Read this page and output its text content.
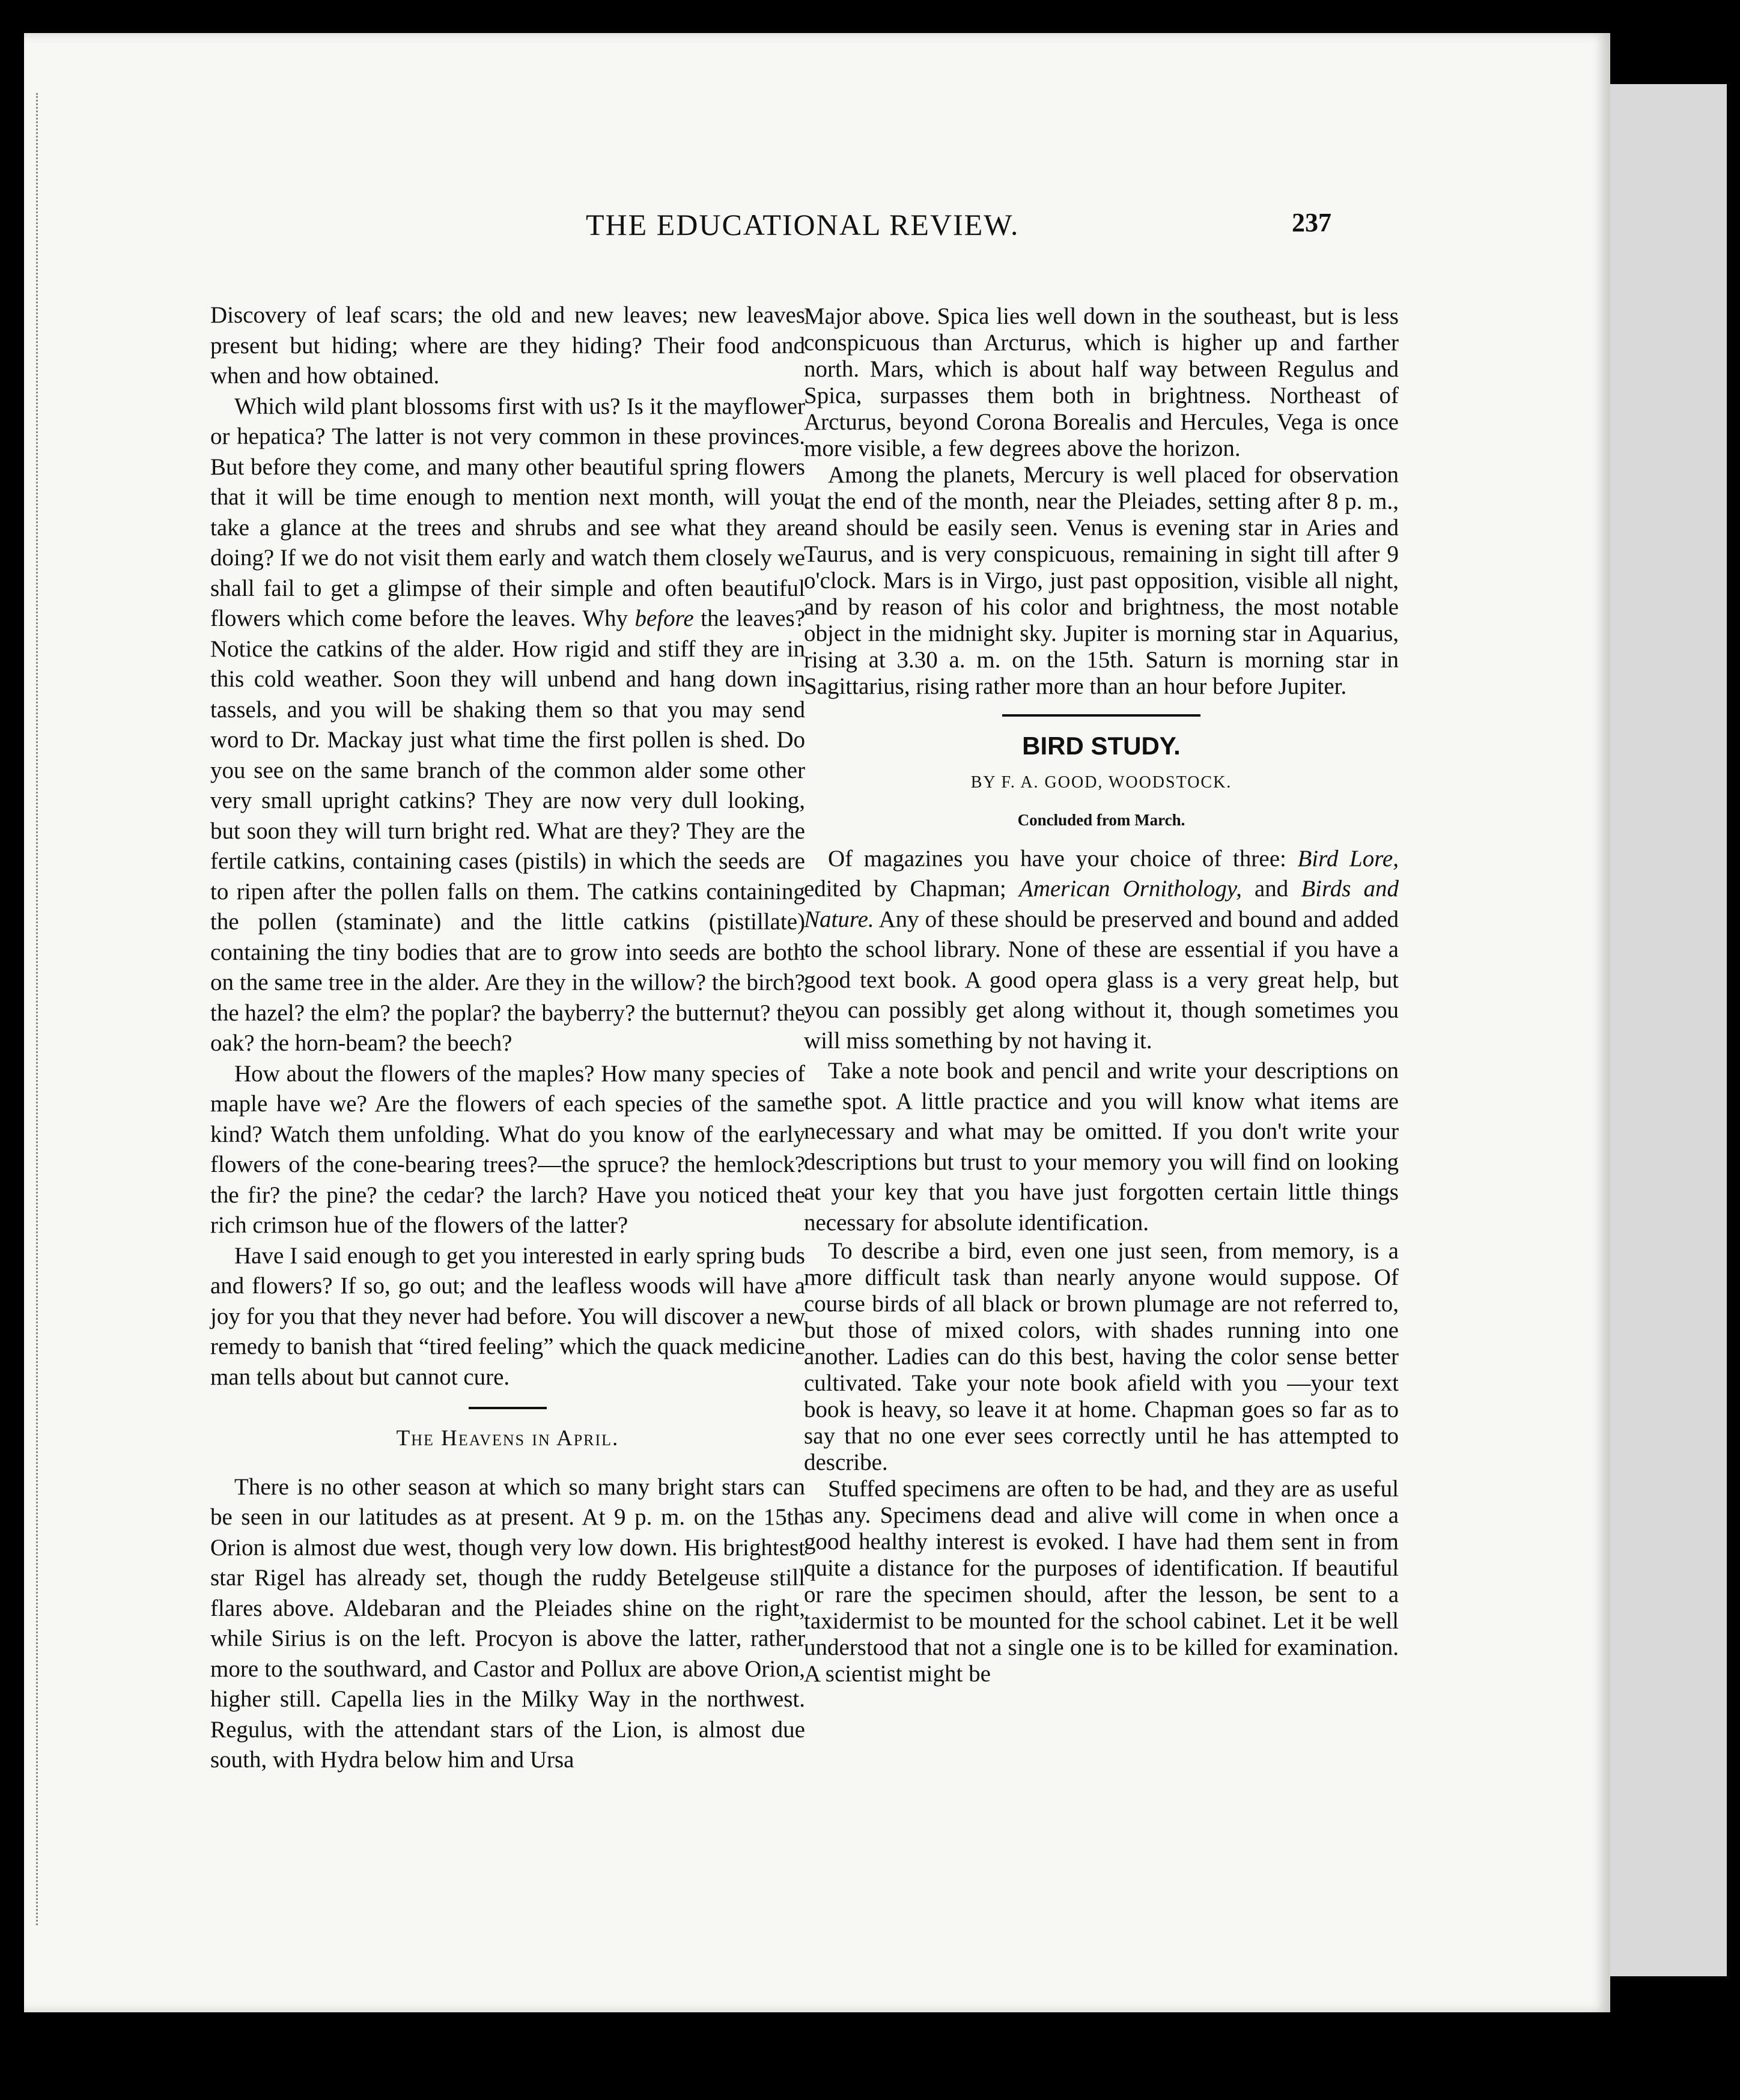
THE EDUCATIONAL REVIEW.	237

Discovery of leaf scars; the old and new leaves; new leaves present but hiding; where are they hiding? Their food and when and how obtained.

Which wild plant blossoms first with us? Is it the mayflower or hepatica? The latter is not very common in these provinces. But before they come, and many other beautiful spring flowers that it will be time enough to mention next month, will you take a glance at the trees and shrubs and see what they are doing? If we do not visit them early and watch them closely we shall fail to get a glimpse of their simple and often beautiful flowers which come before the leaves. Why before the leaves? Notice the catkins of the alder. How rigid and stiff they are in this cold weather. Soon they will unbend and hang down in tassels, and you will be shaking them so that you may send word to Dr. Mackay just what time the first pollen is shed. Do you see on the same branch of the common alder some other very small upright catkins? They are now very dull looking, but soon they will turn bright red. What are they? They are the fertile catkins, containing cases (pistils) in which the seeds are to ripen after the pollen falls on them. The catkins containing the pollen (staminate) and the little catkins (pistillate) containing the tiny bodies that are to grow into seeds are both on the same tree in the alder. Are they in the willow? the birch? the hazel? the elm? the poplar? the bayberry? the butternut? the oak? the horn-beam? the beech?

How about the flowers of the maples? How many species of maple have we? Are the flowers of each species of the same kind? Watch them unfolding. What do you know of the early flowers of the cone-bearing trees?—the spruce? the hemlock? the fir? the pine? the cedar? the larch? Have you noticed the rich crimson hue of the flowers of the latter?

Have I said enough to get you interested in early spring buds and flowers? If so, go out; and the leafless woods will have a joy for you that they never had before. You will discover a new remedy to banish that “tired feeling” which the quack medicine man tells about but cannot cure.

The Heavens in April.

There is no other season at which so many bright stars can be seen in our latitudes as at present. At 9 p. m. on the 15th Orion is almost due west, though very low down. His brightest star Rigel has already set, though the ruddy Betelgeuse still flares above. Aldebaran and the Pleiades shine on the right, while Sirius is on the left. Procyon is above the latter, rather more to the southward, and Castor and Pollux are above Orion, higher still. Capella lies in the Milky Way in the northwest. Regulus, with the attendant stars of the Lion, is almost due south, with Hydra below him and Ursa

Major above. Spica lies well down in the southeast, but is less conspicuous than Arcturus, which is higher up and farther north. Mars, which is about half way between Regulus and Spica, surpasses them both in brightness. Northeast of Arcturus, beyond Corona Borealis and Hercules, Vega is once more visible, a few degrees above the horizon.

Among the planets, Mercury is well placed for observation at the end of the month, near the Pleiades, setting after 8 p. m., and should be easily seen. Venus is evening star in Aries and Taurus, and is very conspicuous, remaining in sight till after 9 o'clock. Mars is in Virgo, just past opposition, visible all night, and by reason of his color and brightness, the most notable object in the midnight sky. Jupiter is morning star in Aquarius, rising at 3.30 a. m. on the 15th. Saturn is morning star in Sagittarius, rising rather more than an hour before Jupiter.

BIRD STUDY.
BY F. A. GOOD, WOODSTOCK.
Concluded from March.

Of magazines you have your choice of three: Bird Lore, edited by Chapman; American Ornithology, and Birds and Nature. Any of these should be preserved and bound and added to the school library. None of these are essential if you have a good text book. A good opera glass is a very great help, but you can possibly get along without it, though sometimes you will miss something by not having it.

Take a note book and pencil and write your descriptions on the spot. A little practice and you will know what items are necessary and what may be omitted. If you don't write your descriptions but trust to your memory you will find on looking at your key that you have just forgotten certain little things necessary for absolute identification.

To describe a bird, even one just seen, from memory, is a more difficult task than nearly anyone would suppose. Of course birds of all black or brown plumage are not referred to, but those of mixed colors, with shades running into one another. Ladies can do this best, having the color sense better cultivated. Take your note book afield with you —your text book is heavy, so leave it at home. Chapman goes so far as to say that no one ever sees correctly until he has attempted to describe.

Stuffed specimens are often to be had, and they are as useful as any. Specimens dead and alive will come in when once a good healthy interest is evoked. I have had them sent in from quite a distance for the purposes of identification. If beautiful or rare the specimen should, after the lesson, be sent to a taxidermist to be mounted for the school cabinet. Let it be well understood that not a single one is to be killed for examination. A scientist might be
